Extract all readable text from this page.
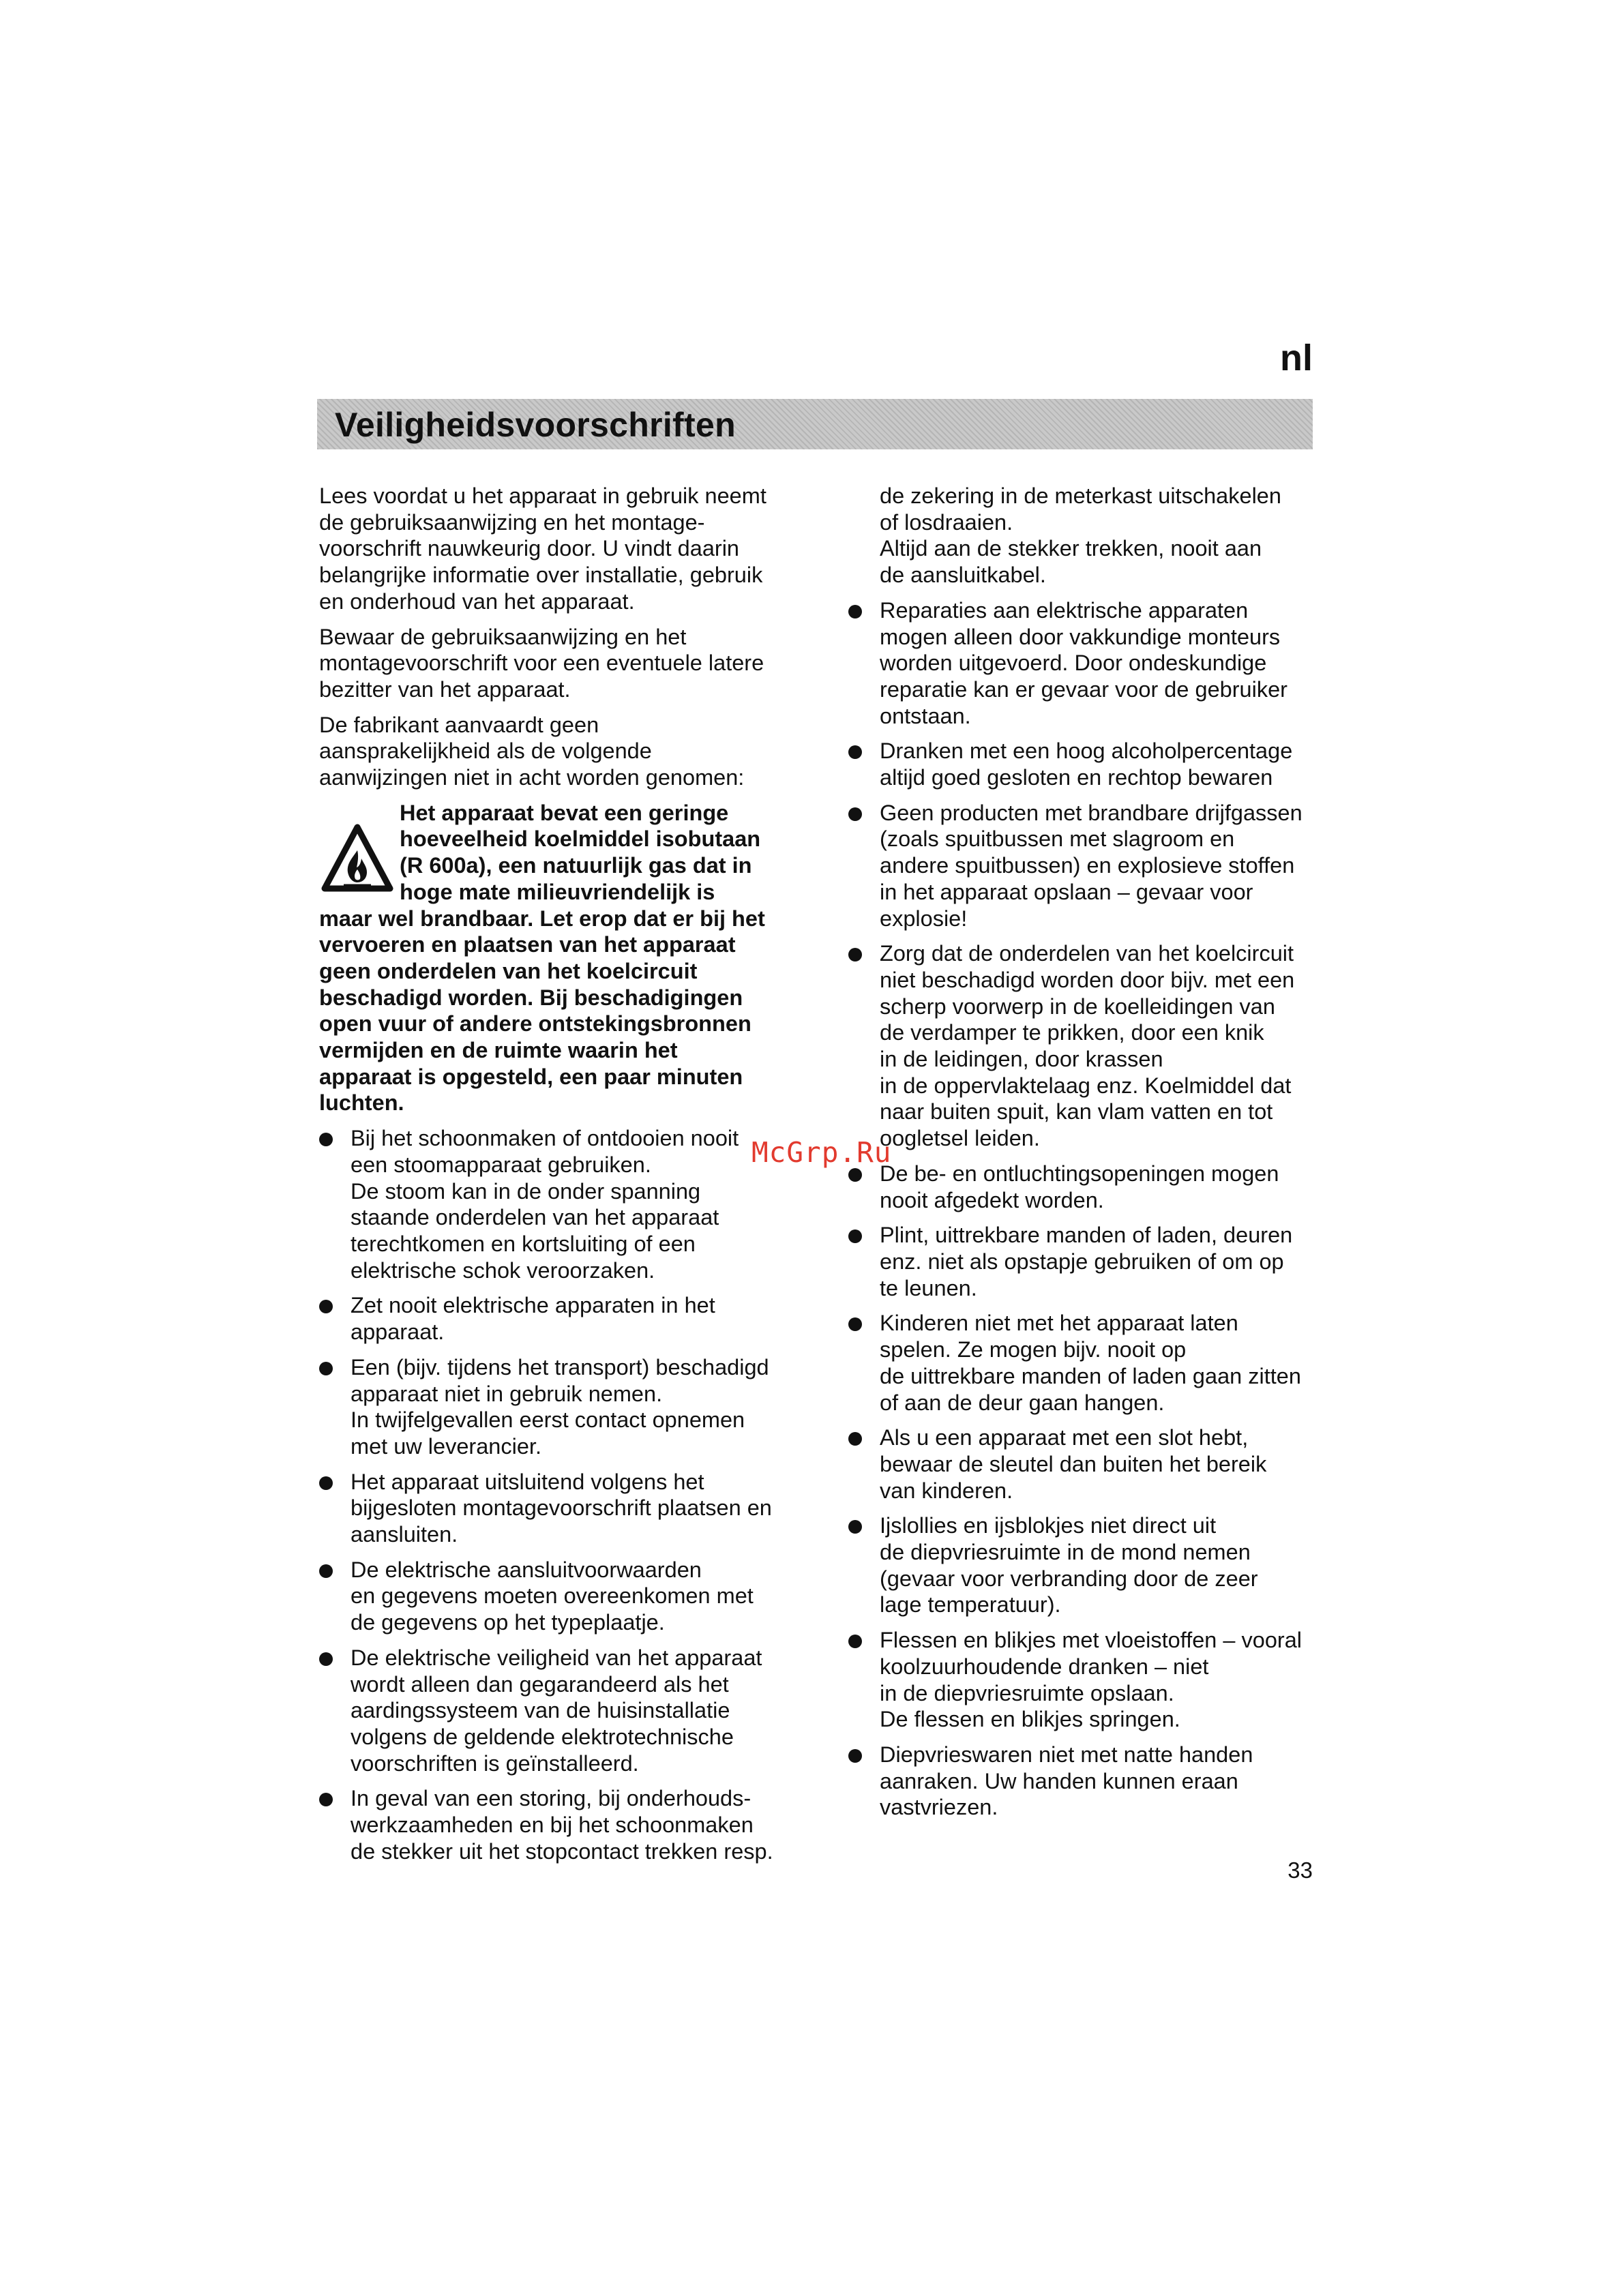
nl
Veiligheidsvoorschriften

Lees voordat u het apparaat in gebruik neemt
de gebruiksaanwijzing en het montage-
voorschrift nauwkeurig door. U vindt daarin
belangrijke informatie over installatie, gebruik
en onderhoud van het apparaat.

Bewaar de gebruiksaanwijzing en het
montagevoorschrift voor een eventuele latere
bezitter van het apparaat.

De fabrikant aanvaardt geen
aansprakelijkheid als de volgende
aanwijzingen niet in acht worden genomen:

Het apparaat bevat een geringe
hoeveelheid koelmiddel isobutaan
(R 600a), een natuurlijk gas dat in
hoge mate milieuvriendelijk is
maar wel brandbaar. Let erop dat er bij het
vervoeren en plaatsen van het apparaat
geen onderdelen van het koelcircuit
beschadigd worden. Bij beschadigingen
open vuur of andere ontstekingsbronnen
vermijden en de ruimte waarin het
apparaat is opgesteld, een paar minuten
luchten.

Bij het schoonmaken of ontdooien nooit
een stoomapparaat gebruiken.
De stoom kan in de onder spanning
staande onderdelen van het apparaat
terechtkomen en kortsluiting of een
elektrische schok veroorzaken.
Zet nooit elektrische apparaten in het
apparaat.
Een (bijv. tijdens het transport) beschadigd
apparaat niet in gebruik nemen.
In twijfelgevallen eerst contact opnemen
met uw leverancier.
Het apparaat uitsluitend volgens het
bijgesloten montagevoorschrift plaatsen en
aansluiten.
De elektrische aansluitvoorwaarden
en gegevens moeten overeenkomen met
de gegevens op het typeplaatje.
De elektrische veiligheid van het apparaat
wordt alleen dan gegarandeerd als het
aardingssysteem van de huisinstallatie
volgens de geldende elektrotechnische
voorschriften is geïnstalleerd.
In geval van een storing, bij onderhouds-
werkzaamheden en bij het schoonmaken
de stekker uit het stopcontact trekken resp.
de zekering in de meterkast uitschakelen
of losdraaien.
Altijd aan de stekker trekken, nooit aan
de aansluitkabel.
Reparaties aan elektrische apparaten
mogen alleen door vakkundige monteurs
worden uitgevoerd. Door ondeskundige
reparatie kan er gevaar voor de gebruiker
ontstaan.
Dranken met een hoog alcoholpercentage
altijd goed gesloten en rechtop bewaren
Geen producten met brandbare drijfgassen
(zoals spuitbussen met slagroom en
andere spuitbussen) en explosieve stoffen
in het apparaat opslaan – gevaar voor
explosie!
Zorg dat de onderdelen van het koelcircuit
niet beschadigd worden door bijv. met een
scherp voorwerp in de koelleidingen van
de verdamper te prikken, door een knik
in de leidingen, door krassen
in de oppervlaktelaag enz. Koelmiddel dat
naar buiten spuit, kan vlam vatten en tot
oogletsel leiden.
De be- en ontluchtingsopeningen mogen
nooit afgedekt worden.
Plint, uittrekbare manden of laden, deuren
enz. niet als opstapje gebruiken of om op
te leunen.
Kinderen niet met het apparaat laten
spelen. Ze mogen bijv. nooit op
de uittrekbare manden of laden gaan zitten
of aan de deur gaan hangen.
Als u een apparaat met een slot hebt,
bewaar de sleutel dan buiten het bereik
van kinderen.
Ijslollies en ijsblokjes niet direct uit
de diepvriesruimte in de mond nemen
(gevaar voor verbranding door de zeer
lage temperatuur).
Flessen en blikjes met vloeistoffen – vooral
koolzuurhoudende dranken – niet
in de diepvriesruimte opslaan.
De flessen en blikjes springen.
Diepvrieswaren niet met natte handen
aanraken. Uw handen kunnen eraan
vastvriezen.
McGrp.Ru
33
